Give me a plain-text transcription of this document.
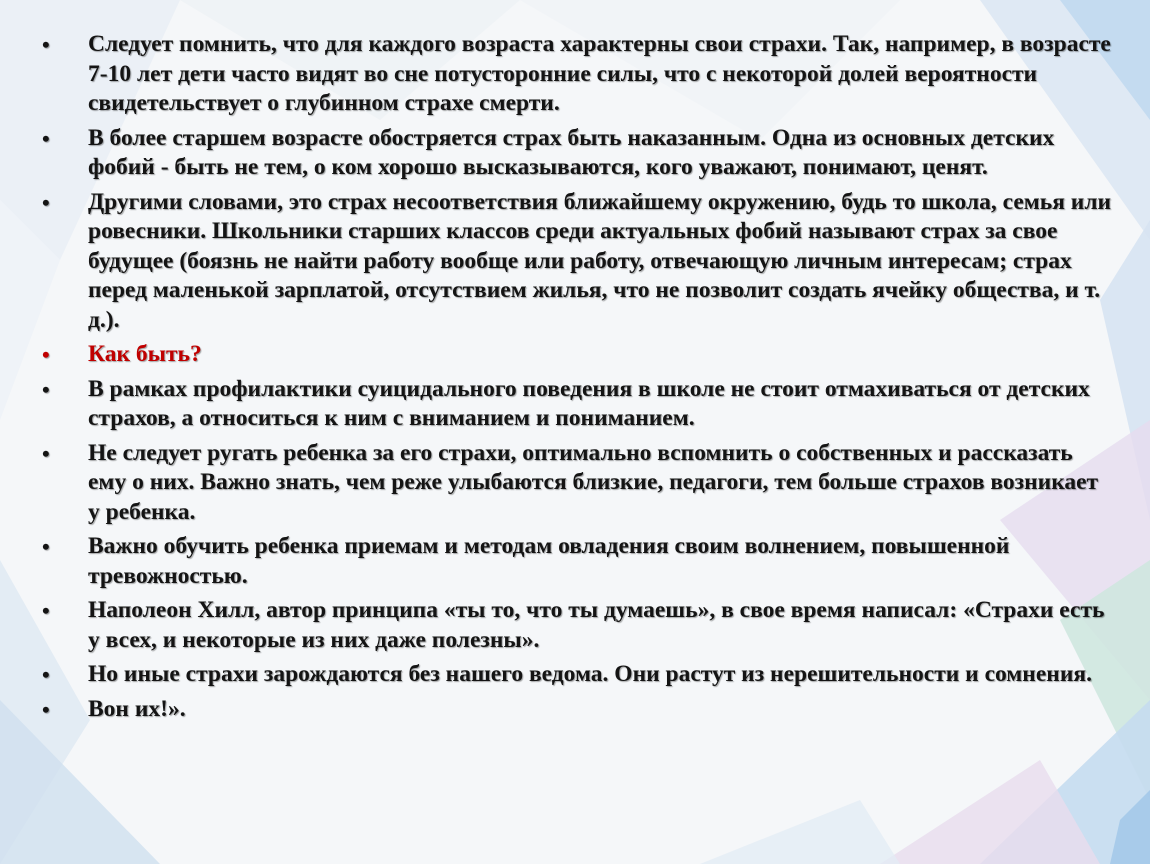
• Следует помнить, что для каждого возраста характерны свои страхи. Так, например, в возрасте 7-10 лет дети часто видят во сне потусторонние силы, что с некоторой долей вероятности свидетельствует о глубинном страхе смерти.
• В более старшем возрасте обостряется страх быть наказанным. Одна из основных детских фобий - быть не тем, о ком хорошо высказываются, кого уважают, понимают, ценят.
• Другими словами, это страх несоответствия ближайшему окружению, будь то школа, семья или ровесники. Школьники старших классов среди актуальных фобий называют страх за свое будущее (боязнь не найти работу вообще или работу, отвечающую личным интересам; страх перед маленькой зарплатой, отсутствием жилья, что не позволит создать ячейку общества, и т. д.).
• Как быть?
• В рамках профилактики суицидального поведения в школе не стоит отмахиваться от детских страхов, а относиться к ним с вниманием и пониманием.
• Не следует ругать ребенка за его страхи, оптимально вспомнить о собственных и рассказать ему о них. Важно знать, чем реже улыбаются близкие, педагоги, тем больше страхов возникает у ребенка.
• Важно обучить ребенка приемам и методам овладения своим волнением, повышенной тревожностью.
• Наполеон Хилл, автор принципа «ты то, что ты думаешь», в свое время написал: «Страхи есть у всех, и некоторые из них даже полезны».
• Но иные страхи зарождаются без нашего ведома. Они растут из нерешительности и сомнения.
• Вон их!».
